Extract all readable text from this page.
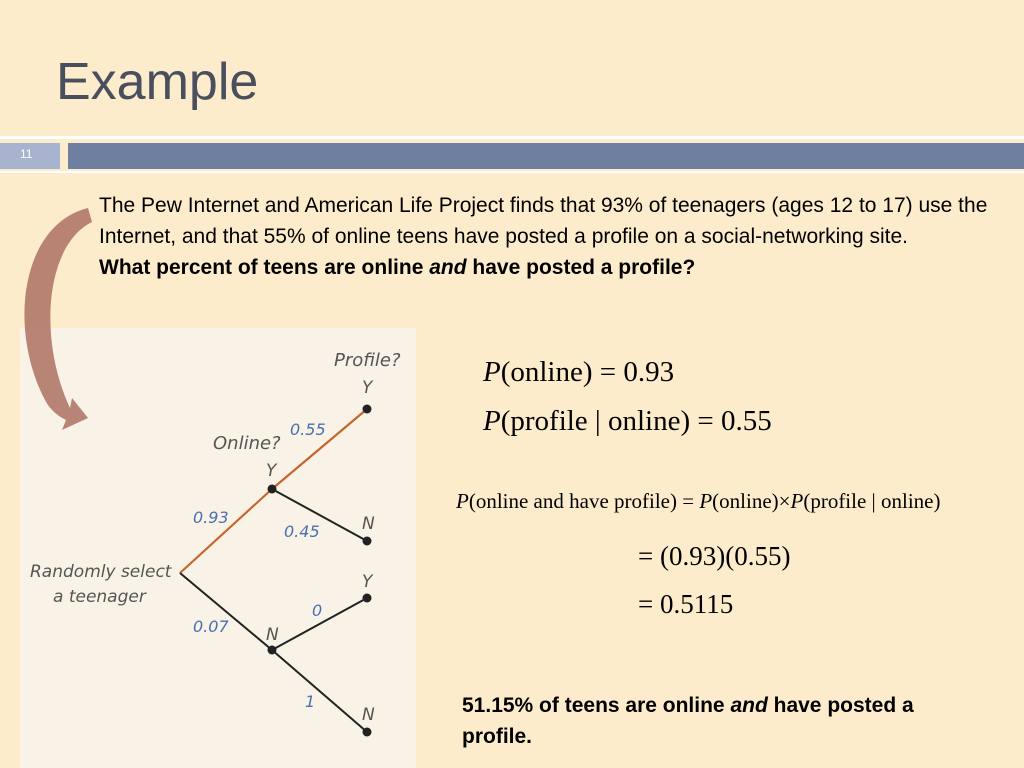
Example
11
The Pew Internet and American Life Project finds that 93% of teenagers (ages 12 to 17) use the Internet, and that 55% of online teens have posted a profile on a social-networking site.
What percent of teens are online and have posted a profile?
Profile?
Online?
Randomly select
a teenager
Y
N
Y
N
Y
N
0.93
0.07
0.55
0.45
0
1
P(online) = 0.93
P(profile | online) = 0.55
P(online and have profile) = P(online)×P(profile | online)
= (0.93)(0.55)
= 0.5115
51.15% of teens are online and have posted a profile.
